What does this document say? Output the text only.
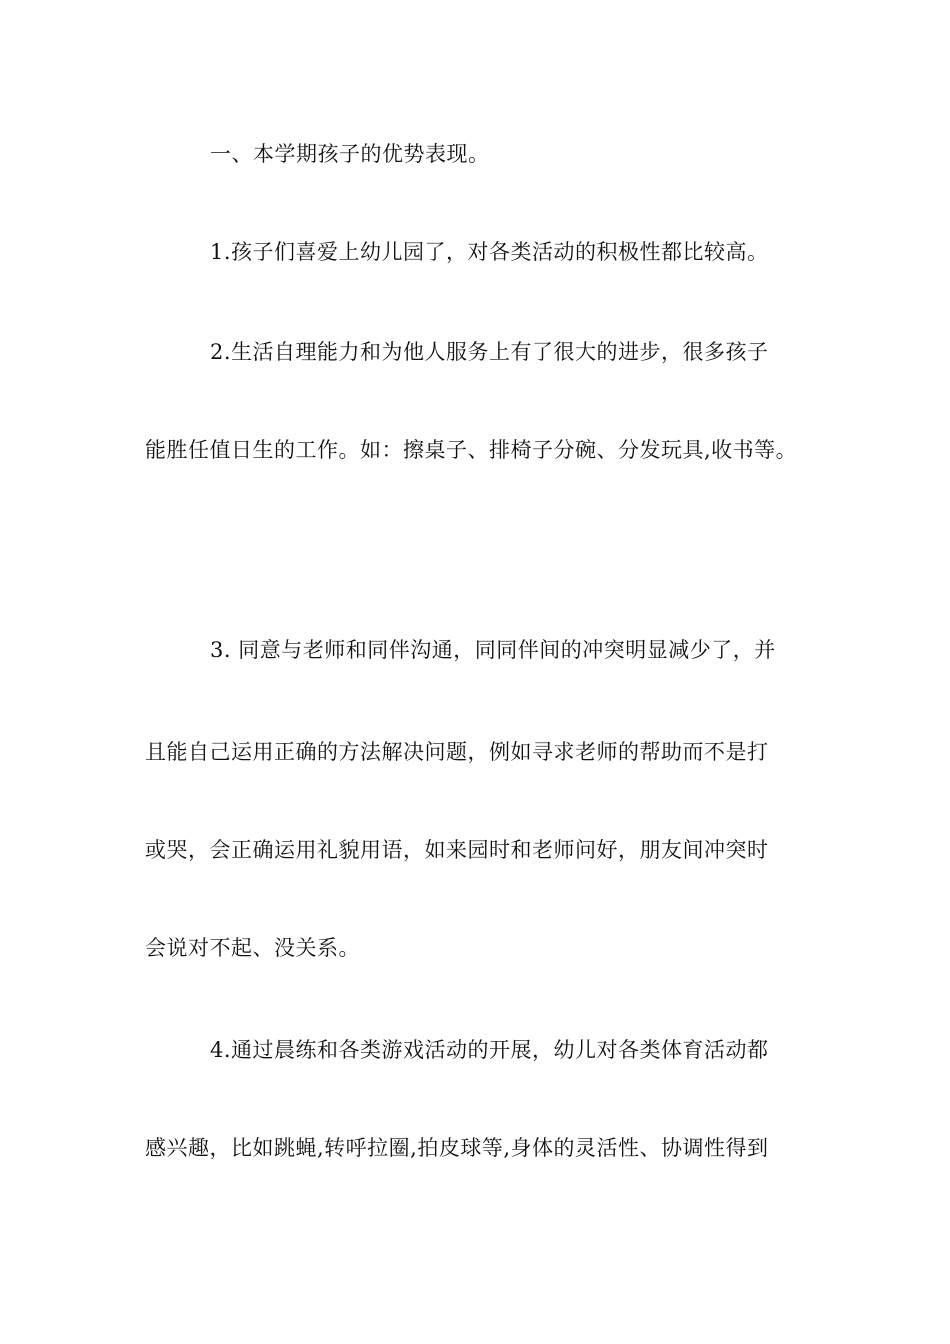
一、本学期孩子的优势表现。
1.孩子们喜爱上幼儿园了，对各类活动的积极性都比较高。
2.生活自理能力和为他人服务上有了很大的进步，很多孩子
能胜任值日生的工作。如：擦桌子、排椅子分碗、分发玩具,收书等。
3. 同意与老师和同伴沟通，同同伴间的冲突明显减少了，并
且能自己运用正确的方法解决问题，例如寻求老师的帮助而不是打
或哭，会正确运用礼貌用语，如来园时和老师问好，朋友间冲突时
会说对不起、没关系。
4.通过晨练和各类游戏活动的开展，幼儿对各类体育活动都
感兴趣，比如跳蝇,转呼拉圈,拍皮球等,身体的灵活性、协调性得到
